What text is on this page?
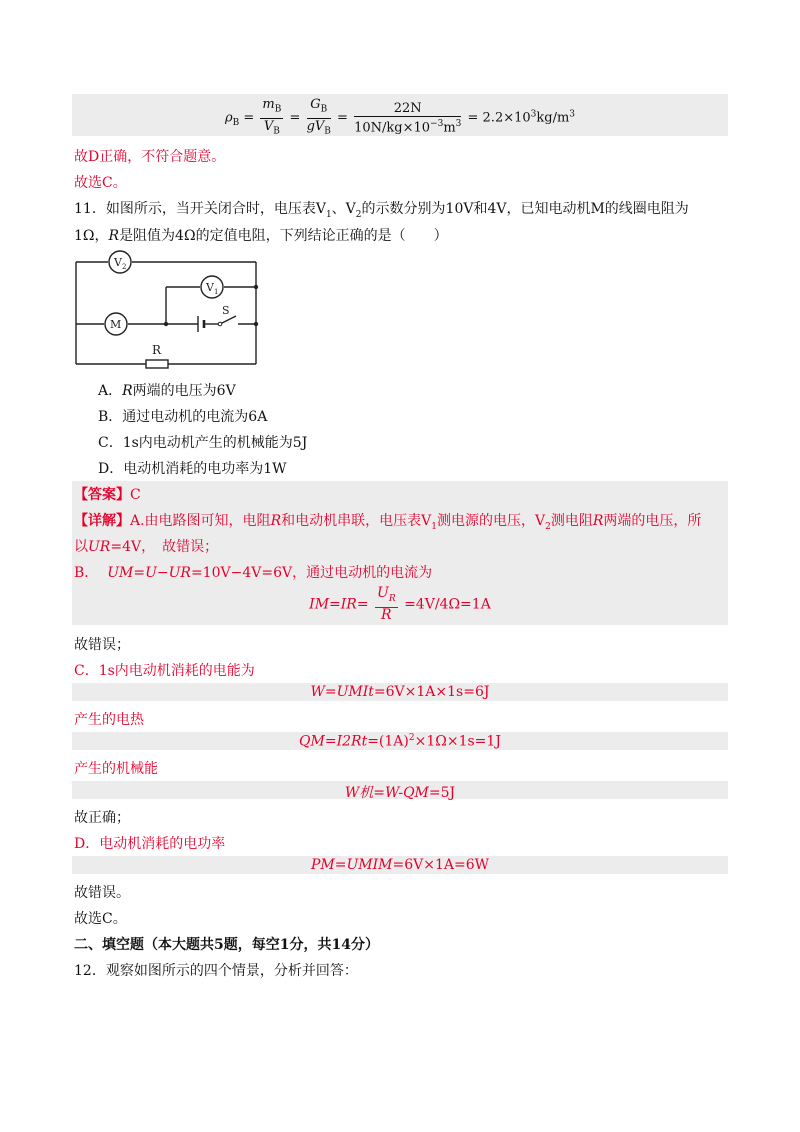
$\rho_B = \frac{m_B}{V_B} = \frac{G_B}{gV_B} = \frac{22N}{10N/kg\times 10^{-3}m^3} = 2.2\times 10^3kg/m^3$
故D正确，不符合题意。
故选C。
11．如图所示，当开关闭合时，电压表$V_1$、$V_2$的示数分别为10V和4V，已知电动机M的线圈电阻为
1Ω，R是阻值为4Ω的定值电阻，下列结论正确的是（　　）
V 2
V 1
M
S
R
A．R两端的电压为6V
B．通过电动机的电流为6A
C．1s内电动机产生的机械能为5J
D．电动机消耗的电功率为1W
【答案】C
【详解】A.由电路图可知，电阻R和电动机串联，电压表$V_1$测电源的电压，$V_2$测电阻R两端的电压，所
以UR=4V，　故错误；
B． UM=U−UR=10V−4V=6V，通过电动机的电流为
$IM=IR= \frac{U_R}{R} =4V/4\Omega=1A$
故错误；
C．1s内电动机消耗的电能为
W=UMIt=6V×1A×1s=6J
产生的电热
$QM=I2Rt=(1A)^2\times 1\Omega\times 1s=1J$
产生的机械能
W机=W-QM=5J
故正确；
D．电动机消耗的电功率
PM=UMIM=6V×1A=6W
故错误。
故选C。
二、填空题（本大题共5题，每空1分，共14分）
12．观察如图所示的四个情景，分析并回答：
